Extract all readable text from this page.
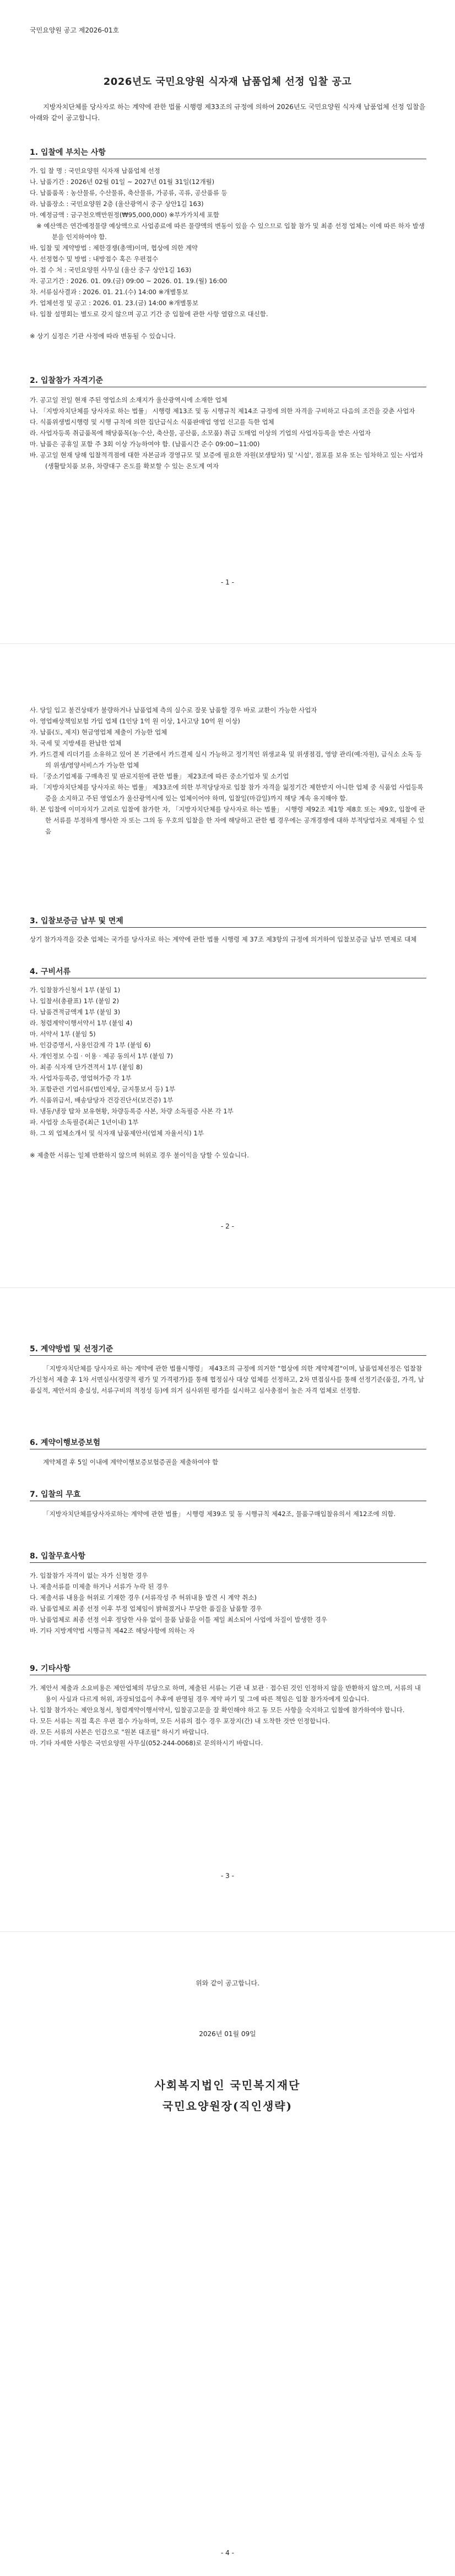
국민요양원 공고 제2026-01호
2026년도 국민요양원 식자재 납품업체 선정 입찰 공고
지방자치단체를 당사자로 하는 계약에 관한 법률 시행령 제33조의 규정에 의하여 2026년도 국민요양원 식자재 납품업체 선정 입찰을 아래와 같이 공고합니다.
1. 입찰에 부치는 사항
가. 입 찰 명 : 국민요양원 식자재 납품업체 선정
나. 납품기간 : 2026년 02월 01일 ~ 2027년 01월 31일(12개월)
다. 납품품목 : 농산물류, 수산물류, 축산물류, 가공류, 곡류, 공산품류 등
라. 납품장소 : 국민요양원 2층 (울산광역시 중구 상안1길 163)
마. 예정금액 : 금구천오백만원정(₩95,000,000) ※부가가치세 포함
※ 예산액은 연간예정물량 예상액으로 사업종료에 따른 물량액의 변동이 있을 수 있으므로 입찰 참가 및 최종 선정 업체는 이에 따른 하자 발생분을 인지하여야 함.
바. 입찰 및 계약방법 : 제한경쟁(총액)이며, 협상에 의한 계약
사. 선정협수 및 방법 : 내방접수 혹은 우편접수
아. 접 수 처 : 국민요양원 사무실 (울산 중구 상안1길 163)
자. 공고기간 : 2026. 01. 09.(금) 09:00 ~ 2026. 01. 19.(월) 16:00
차. 서류심사결과 : 2026. 01. 21.(수) 14:00 ※개별통보
카. 업체선정 및 공고 : 2026. 01. 23.(금) 14:00 ※개별통보
타. 입찰 설명회는 별도로 갖지 않으며 공고 기간 중 입찰에 관한 사항 열람으로 대신함.
※ 상기 실정은 기관 사정에 따라 변동될 수 있습니다.
2. 입찰참가 자격기준
가. 공고일 전일 현재 주된 영업소의 소재지가 울산광역시에 소재한 업체
나. 「지방자치단체를 당사자로 하는 법률」 시행령 제13조 및 동 시행규칙 제14조 규정에 의한 자격을 구비하고 다음의 조건을 갖춘 사업자
다. 식품위생법시행령 및 시행 규칙에 의한 집단급식소 식품판매업 영업 신고를 득한 업체
라. 사업자등록 취급품목에 해당품목(농·수산, 축산물, 공산품, 소모품) 취급 도매업 이상의 기업의 사업자등록을 받은 사업자
마. 납품은 공휴일 포함 주 3회 이상 가능하여야 함. (납품시간 준수 09:00~11:00)
바. 공고일 현재 당해 입찰적격점에 대한 자본금과 경영규모 및 보증에 필요한 자원(보생탈차) 및 '시설', 점포를 보유 또는 임차하고 있는 사업자(생활탈치품 보유, 차량대구 온도를 확보할 수 있는 온도계 여자
- 1 -
사. 당일 입고 불건상태가 불량하거나 납품업체 측의 실수로 잘못 납품할 경우 바로 교환이 가능한 사업자
아. 영업배상책임보험 가입 업체 (1인당 1억 원 이상, 1사고당 10억 원 이상)
자. 납품(도, 제지) 현금영업체 제출이 가능한 업체
차. 국세 및 지방세를 완납한 업체
카. 카드결제 리더기를 소유하고 있어 본 기관에서 카드결제 실시 가능하고 정기적인 위생교육 및 위생점검, 영양 관리(예:자원), 급식소 소독 등의 위생/영양서비스가 가능한 업체
타. 「중소기업제품 구매촉진 및 판로지원에 관한 법률」 제23조에 따른 중소기업자 및 소기업
파. 「지방자치단체를 당사자로 하는 법률」 제33조에 의한 부적당당자로 입찰 참가 자격을 잃정기간 제한받지 아니한 업체 중 식품업 사업등록증을 소지하고 주된 영업소가 울산광역시에 있는 업체이어야 하며, 입찰일(마감일)까지 해당 계속 유지해야 함.
하. 본 입찰에 이미자치가 고려로 입찰에 참가한 자, 「지방자치단체를 당사자로 하는 법률」 시행령 제92조 제1항 제8호 또는 제9호, 입찰에 관한 서류를 부정하게 행사한 자 또는 그의 동 우호의 입찰을 한 자에 해당하고 관한 웹 경우에는 공개경쟁에 대하 부적당업자로 제재될 수 있음
3. 입찰보증금 납부 및 면제
상기 참가자격을 갖춘 업체는 국가를 당사자로 하는 계약에 관한 법률 시행령 제 37조 제3항의 규정에 의거하여 입찰보증금 납부 면제로 대체
4. 구비서류
가. 입찰참가신청서 1부 (붙임 1)
나. 입찰서(총괄표) 1부 (붙임 2)
다. 납품견적금액계 1부 (붙임 3)
라. 청렴계약이행서약서 1부 (붙임 4)
마. 서약서 1부 (붙임 5)
바. 인감증명서, 사용인감계 각 1부 (붙임 6)
사. 개인정보 수집 · 이용 · 제공 동의서 1부 (붙임 7)
아. 최종 식자재 단가견적서 1부 (붙임 8)
자. 사업자등록증, 영업허가증 각 1부
차. 포함관련 기업서류(법인제상, 금지통보서 등) 1부
카. 식품위급서, 배송담당자 건강진단서(보건증) 1부
타. 냉동/냉장 탑차 보유현황, 차량등록증 사본, 차량 소독필증 사본 각 1부
파. 사업장 소독필증(최근 1년이내) 1부
하. 그 외 업체소개서 및 식자재 납품제안서(업체 자율서식) 1부
※ 제출한 서류는 일체 반환하지 않으며 허위로 경우 불이익을 당할 수 있습니다.
- 2 -
5. 계약방법 및 선정기준
「지방자치단체를 당사자로 하는 계약에 관한 법률시행령」 제43조의 규정에 의거한 "협상에 의한 계약체결"이며, 납품업체선정은 업찰참가신청서 제출 후 1차 서면심사(정량적 평가 및 가격평가)를 통해 협정심사 대상 업체를 선정하고, 2차 면접심사를 통해 선정기준(품질, 가격, 납품실적, 제안서의 충실성, 서류구비의 적정성 등)에 의거 심사위원 평가를 실시하고 심사총점이 높은 자격 업체로 선정함.
6. 계약이행보증보험
계약체결 후 5일 이내에 계약이행보증보험증권을 제출하여야 함
7. 입찰의 무효
「지방자치단체를당사자로하는 계약에 관한 법률」 시행령 제39조 및 동 시행규칙 제42조, 물품구매입찰유의서 제12조에 의함.
8. 입찰무효사항
가. 입찰참가 자격이 없는 자가 신청한 경우
나. 제출서류를 미제출 하거나 서류가 누락 된 경우
다. 제출서류 내용을 허위로 기재한 경우 (서류작성 주 허위내용 발견 시 계약 취소)
라. 납품업체로 최종 선정 이후 부정 업체임이 밝혀졌거나 부당한 품질을 납품할 경우
마. 납품업체로 최종 선정 이후 정당한 사유 없이 물품 납품을 이틀 제일 최소되어 사업에 차질이 발생한 경우
바. 기타 지방계약법 시행규칙 제42조 해당사항에 의하는 자
9. 기타사항
가. 제안서 제출과 소요비용은 제안업체의 부담으로 하며, 제출된 서류는 기관 내 보관 · 접수된 것인 인정하지 않을 반환하지 않으며, 서류의 내용이 사실과 다르게 허위, 과장되었음이 추후에 판명될 경우 계약 파기 및 그에 따른 책임은 입찰 참가자에게 있습니다.
나. 입찰 참가자는 제안요청서, 청렴계약이행서약서, 입찰공고문을 잘 확인해야 하고 동 모든 사항을 숙지하고 입찰에 참가하여야 합니다.
다. 모든 서류는 직접 혹은 우편 접수 가능하며, 모든 서류의 접수 경우 포장지(간) 내 도착한 것만 인정합니다.
라. 모든 서류의 사본은 인감으로 "원본 대조필" 하시기 바랍니다.
마. 기타 자세한 사항은 국민요양원 사무실(052-244-0068)로 문의하시기 바랍니다.
- 3 -
위와 같이 공고합니다.
2026년 01월 09일
사회복지법인 국민복지재단
국민요양원장(직인생략)
- 4 -
